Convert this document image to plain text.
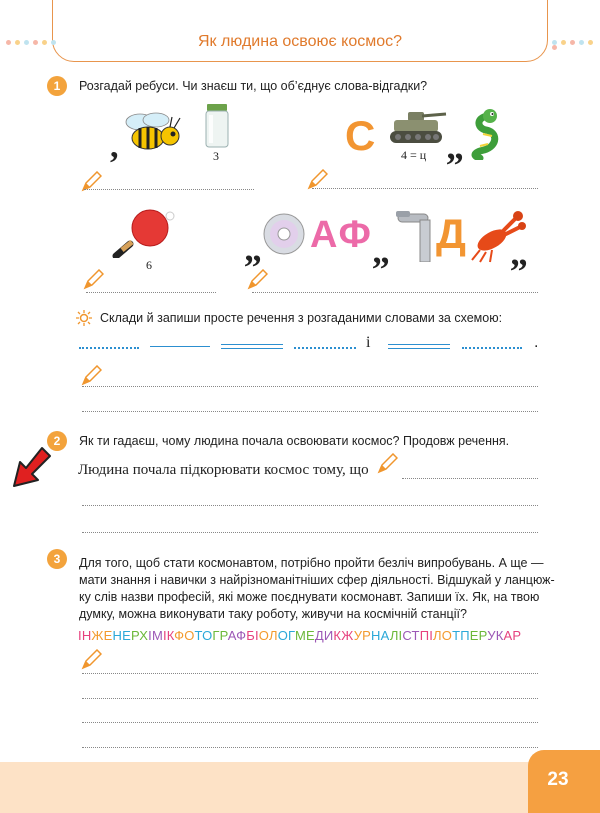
Як людина освоює космос?
1	Розгадай ребуси. Чи знаєш ти, що об’єднує слова-відгадки?
,	3	С 4 = ц „
6	„ АФ „ Д „
Склади й запиши просте речення з розгаданими словами за схемою:
і	.
2	Як ти гадаєш, чому людина почала освоювати космос? Продовж речення.
Людина почала підкорювати космос тому, що
3	Для того, щоб стати космонавтом, потрібно пройти безліч випробувань. А ще —
мати знання і навички з найрізноманітніших сфер діяльності. Відшукай у ланцюж-
ку слів назви професій, які може поєднувати космонавт. Запиши їх. Як, на твою
думку, можна виконувати таку роботу, живучи на космічній станції?
ІНЖЕНЕРХІМІКФОТОГРАФБІОЛОГМЕДИКЖУРНАЛІСТПІЛОТПЕРУКАР
23
